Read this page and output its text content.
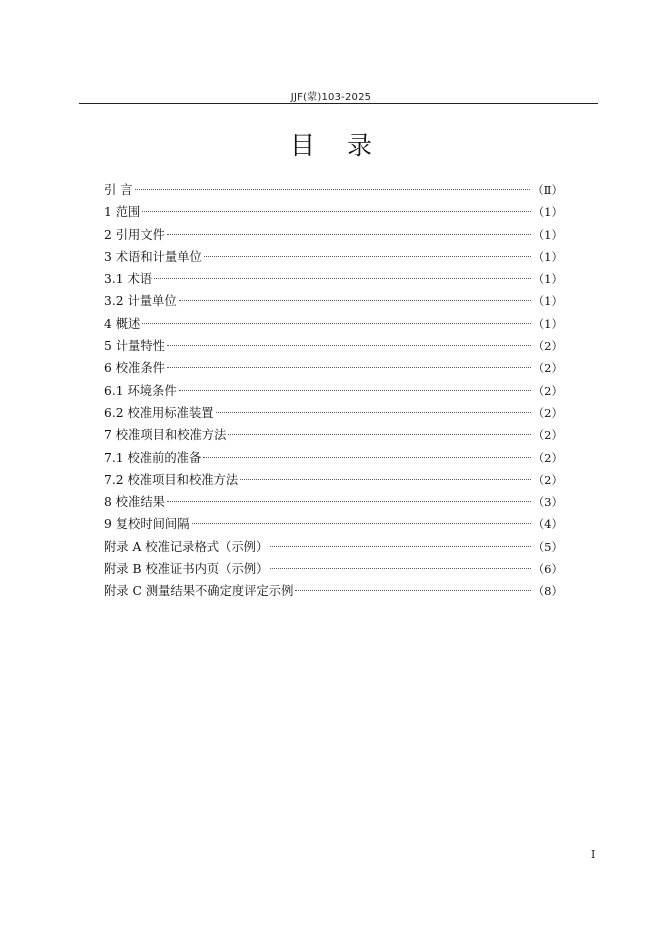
JJF(蒙)103-2025
目 录
引 言	（Ⅱ）
1 范围	（1）
2 引用文件	（1）
3 术语和计量单位	（1）
3.1 术语	（1）
3.2 计量单位	（1）
4 概述	（1）
5 计量特性	（2）
6 校准条件	（2）
6.1 环境条件	（2）
6.2 校准用标准装置	（2）
7 校准项目和校准方法	（2）
7.1 校准前的准备	（2）
7.2 校准项目和校准方法	（2）
8 校准结果	（3）
9 复校时间间隔	（4）
附录 A 校准记录格式（示例）	（5）
附录 B 校准证书内页（示例）	（6）
附录 C 测量结果不确定度评定示例	（8）
I
